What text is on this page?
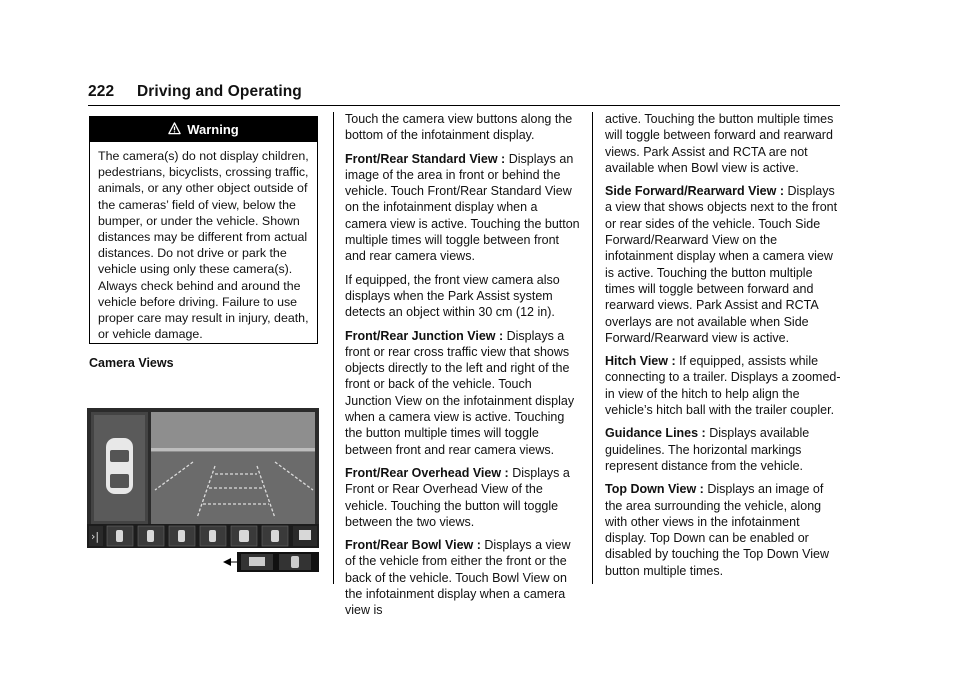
222 Driving and Operating
Warning
The camera(s) do not display children, pedestrians, bicyclists, crossing traffic, animals, or any other object outside of the cameras’ field of view, below the bumper, or under the vehicle. Shown distances may be different from actual distances. Do not drive or park the vehicle using only these camera(s). Always check behind and around the vehicle before driving. Failure to use proper care may result in injury, death, or vehicle damage.
Camera Views
›|

Touch the camera view buttons along the bottom of the infotainment display.

Front/Rear Standard View : Displays an image of the area in front or behind the vehicle. Touch Front/Rear Standard View on the infotainment display when a camera view is active. Touching the button multiple times will toggle between front and rear camera views.

If equipped, the front view camera also displays when the Park Assist system detects an object within 30 cm (12 in).

Front/Rear Junction View : Displays a front or rear cross traffic view that shows objects directly to the left and right of the front or back of the vehicle. Touch Junction View on the infotainment display when a camera view is active. Touching the button multiple times will toggle between front and rear camera views.

Front/Rear Overhead View : Displays a Front or Rear Overhead View of the vehicle. Touching the button will toggle between the two views.

Front/Rear Bowl View : Displays a view of the vehicle from either the front or the back of the vehicle. Touch Bowl View on the infotainment display when a camera view is

active. Touching the button multiple times will toggle between forward and rearward views. Park Assist and RCTA are not available when Bowl view is active.

Side Forward/Rearward View : Displays a view that shows objects next to the front or rear sides of the vehicle. Touch Side Forward/Rearward View on the infotainment display when a camera view is active. Touching the button multiple times will toggle between forward and rearward views. Park Assist and RCTA overlays are not available when Side Forward/Rearward view is active.

Hitch View : If equipped, assists while connecting to a trailer. Displays a zoomed-in view of the hitch to help align the vehicle’s hitch ball with the trailer coupler.

Guidance Lines : Displays available guidelines. The horizontal markings represent distance from the vehicle.

Top Down View : Displays an image of the area surrounding the vehicle, along with other views in the infotainment display. Top Down can be enabled or disabled by touching the Top Down View button multiple times.
